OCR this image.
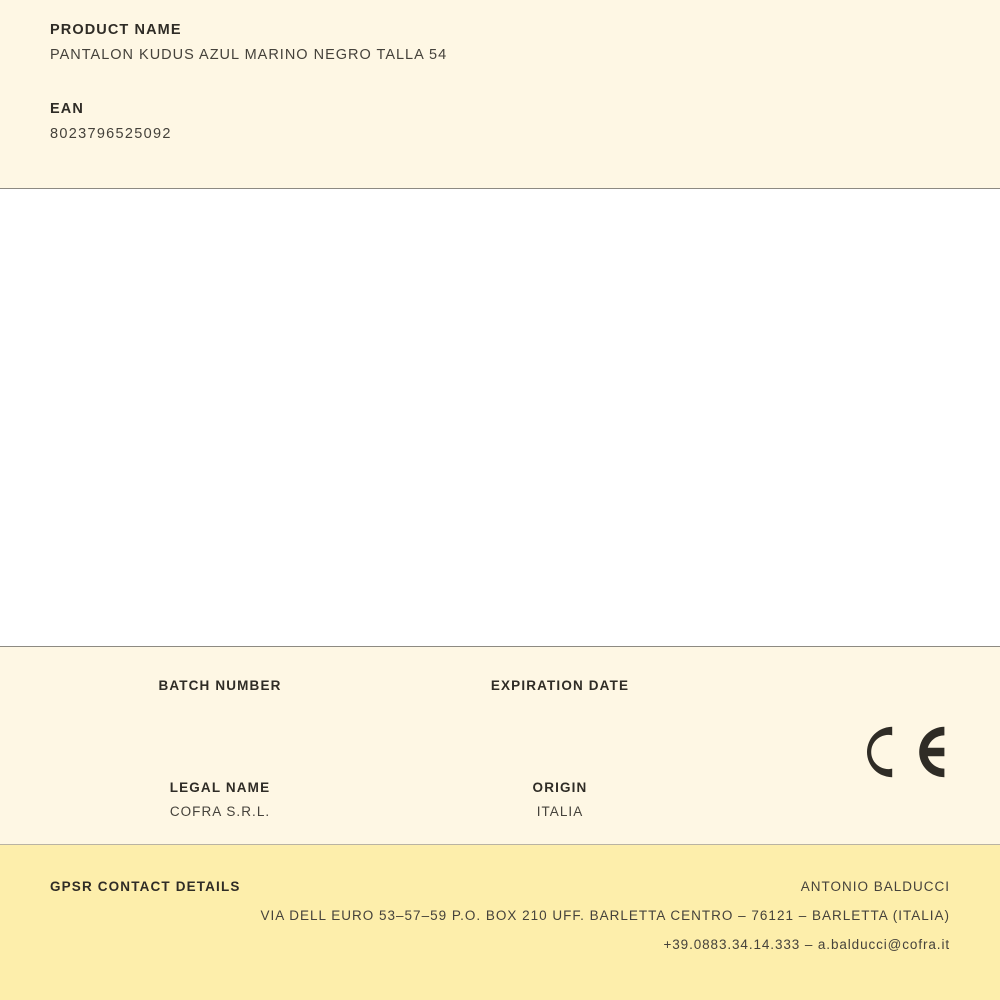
PRODUCT NAME

PANTALON KUDUS AZUL MARINO NEGRO TALLA 54

EAN

8023796525092

BATCH NUMBER	EXPIRATION DATE

LEGAL NAME

COFRA S.R.L.

ORIGIN

ITALIA

GPSR CONTACT DETAILS	ANTONIO BALDUCCI

VIA DELL EURO 53–57–59 P.O. BOX 210 UFF. BARLETTA CENTRO – 76121 – BARLETTA (ITALIA)

+39.0883.34.14.333 – a.balducci@cofra.it
